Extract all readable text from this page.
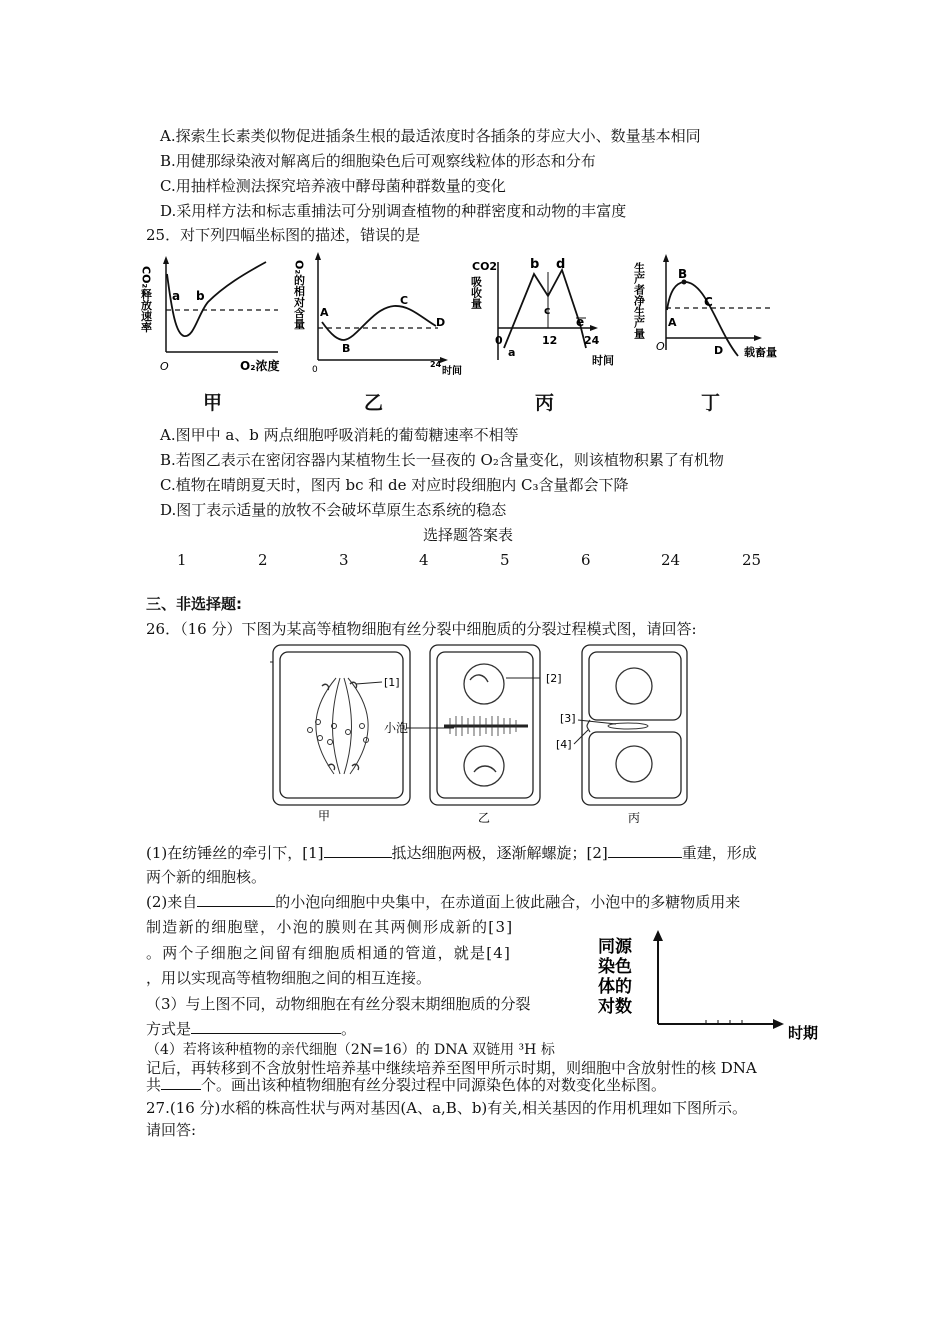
A.探索生长素类似物促进插条生根的最适浓度时各插条的芽应大小、数量基本相同
B.用健那绿染液对解离后的细胞染色后可观察线粒体的形态和分布
C.用抽样检测法探究培养液中酵母菌种群数量的变化
D.采用样方法和标志重捕法可分别调查植物的种群密度和动物的丰富度
25．对下列四幅坐标图的描述，错误的是
CO₂释放速率 a b
O	O₂浓度
甲
O₂的相对含量 A
B
C
D
0
24
时间
乙
CO2
吸收量
0
a
b
c
d
e
12 24
时间
丙
生产者净生产量 A
B
C
D
O	载畜量
丁
A.图甲中 a、b 两点细胞呼吸消耗的葡萄糖速率不相等
B.若图乙表示在密闭容器内某植物生长一昼夜的 O₂含量变化，则该植物积累了有机物
C.植物在晴朗夏天时，图丙 bc 和 de 对应时段细胞内 C₃含量都会下降
D.图丁表示适量的放牧不会破坏草原生态系统的稳态
选择题答案表
1	2	3	4	5	6	24	25
三、非选择题:
26．（16 分）下图为某高等植物细胞有丝分裂中细胞质的分裂过程模式图，请回答:
[1]
甲
小泡
乙
[2]
[3]
[4]
丙
(1)在纺锤丝的牵引下，[1]	抵达细胞两极，逐渐解螺旋；[2]	重建，形成
两个新的细胞核。
(2)来自	的小泡向细胞中央集中，在赤道面上彼此融合，小泡中的多糖物质用来
制造新的细胞壁，小泡的膜则在其两侧形成新的[3]
。两个子细胞之间留有细胞质相通的管道，就是[4]
，用以实现高等植物细胞之间的相互连接。
（3）与上图不同，动物细胞在有丝分裂末期细胞质的分裂
方式是	。
（4）若将该种植物的亲代细胞（2N=16）的 DNA 双链用 ³H 标
记后，再转移到不含放射性培养基中继续培养至图甲所示时期，则细胞中含放射性的核 DNA
共	个。画出该种植物细胞有丝分裂过程中同源染色体的对数变化坐标图。
同源
染色
体的
对数
时期
27.(16 分)水稻的株高性状与两对基因(A、a,B、b)有关,相关基因的作用机理如下图所示。
请回答:
